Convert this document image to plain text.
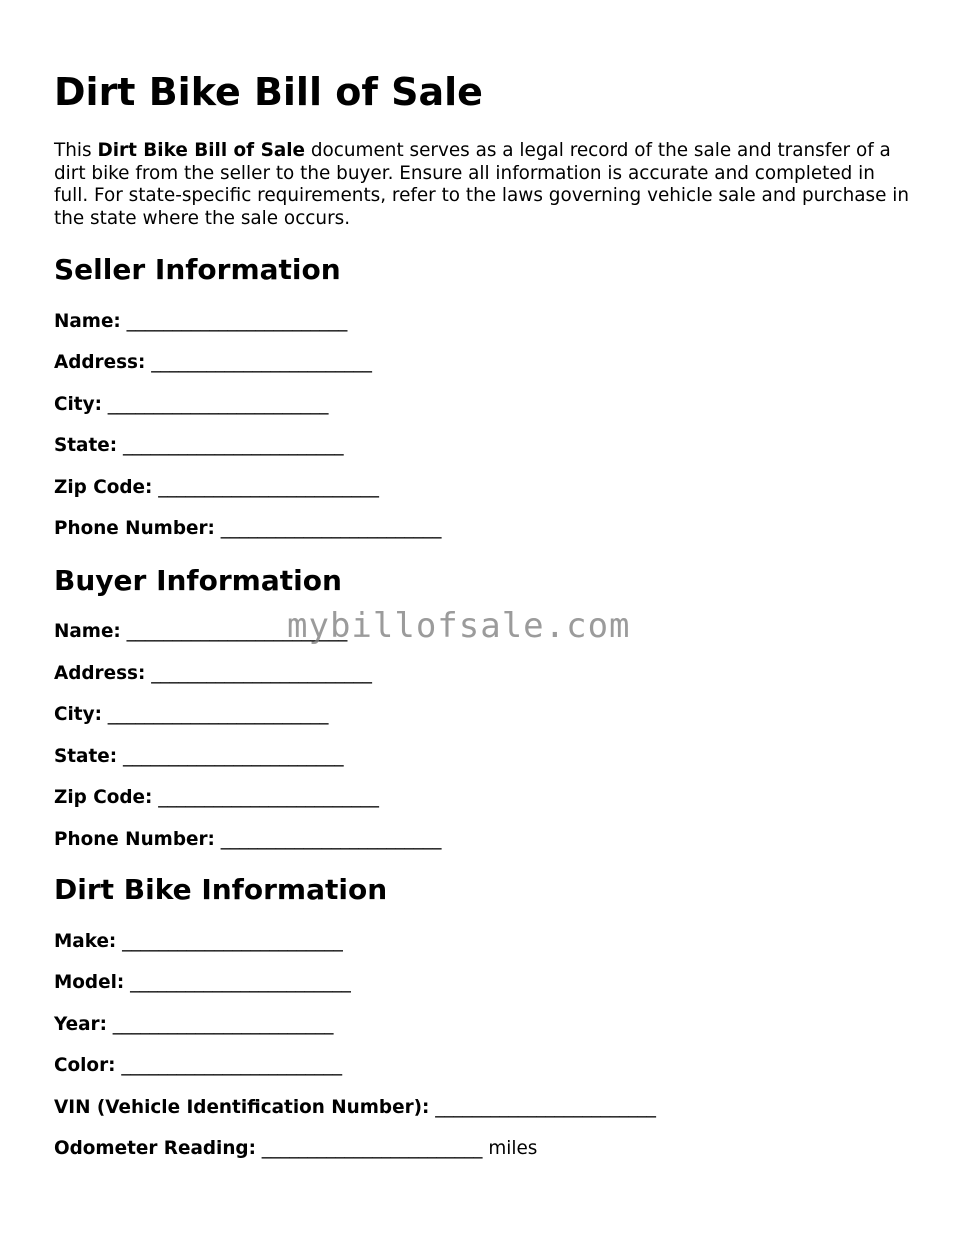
Dirt Bike Bill of Sale

This Dirt Bike Bill of Sale document serves as a legal record of the sale and transfer of a dirt bike from the seller to the buyer. Ensure all information is accurate and completed in full. For state-specific requirements, refer to the laws governing vehicle sale and purchase in the state where the sale occurs.

Seller Information

Name: ________________________

Address: ________________________

City: ________________________

State: ________________________

Zip Code: ________________________

Phone Number: ________________________

Buyer Information

Name: ________________________

Address: ________________________

City: ________________________

State: ________________________

Zip Code: ________________________

Phone Number: ________________________

Dirt Bike Information

Make: ________________________

Model: ________________________

Year: ________________________

Color: ________________________

VIN (Vehicle Identification Number): ________________________

Odometer Reading: ________________________ miles

mybillofsale.com
